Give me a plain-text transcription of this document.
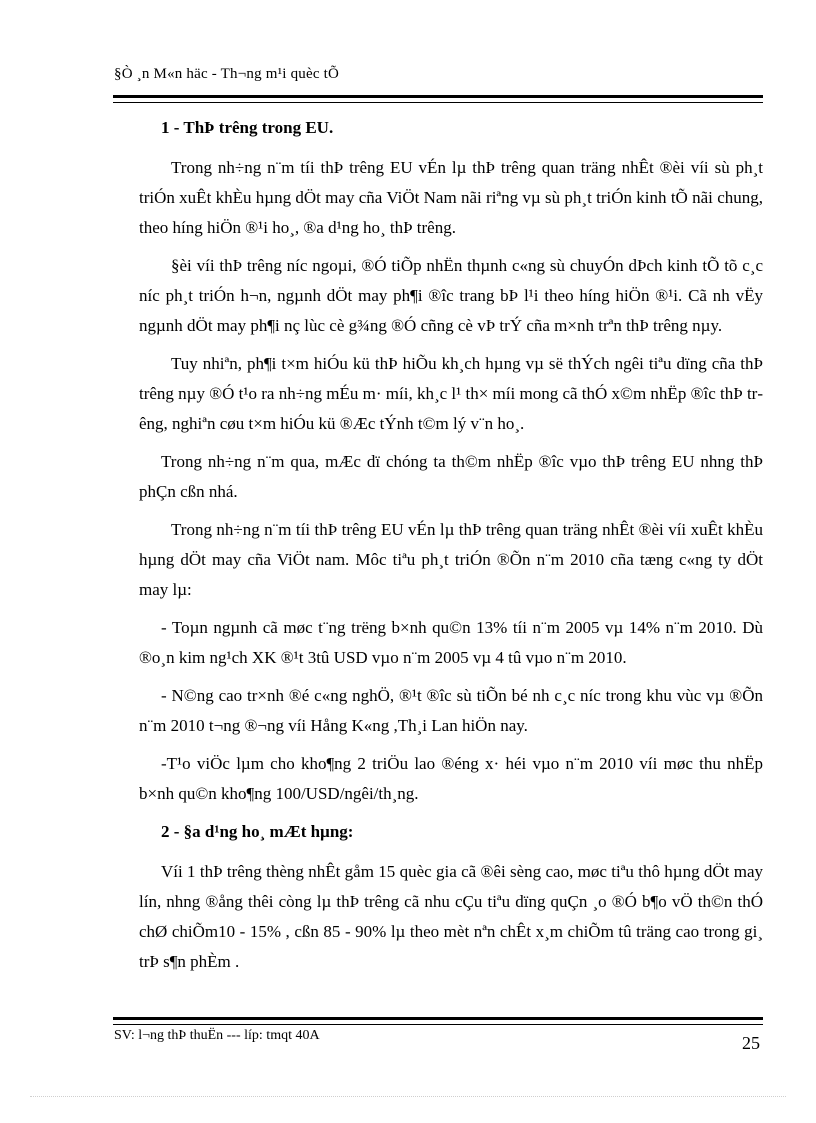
§Ò ¸n M«n häc - Th¬ng m¹i quèc tÕ

1 - ThÞ trêng trong EU.

Trong nh÷ng n¨m tíi thÞ trêng EU vÉn lµ thÞ trêng quan träng nhÊt ®èi víi sù ph¸t triÓn xuÊt khÈu hµng dÖt may cña ViÖt Nam nãi riªng vµ sù ph¸t triÓn kinh tÕ nãi chung, theo híng hiÖn ®¹i ho¸, ®a d¹ng ho¸ thÞ trêng.

§èi víi thÞ trêng níc ngoµi, ®Ó tiÕp nhËn thµnh c«ng sù chuyÓn dÞch kinh tÕ tõ c¸c níc ph¸t triÓn h¬n, ngµnh dÖt may ph¶i ®îc trang bÞ l¹i theo híng hiÖn ®¹i. Cã nh vËy ngµnh dÖt may ph¶i nç lùc cè g¾ng ®Ó cñng cè vÞ trÝ cña m×nh trªn thÞ trêng nµy.

Tuy nhiªn, ph¶i t×m hiÓu kü thÞ hiÕu kh¸ch hµng vµ së thÝch ngêi tiªu dïng cña thÞ trêng nµy ®Ó t¹o ra nh÷ng mÉu m· míi, kh¸c l¹ th× míi mong cã thÓ x©m nhËp ®îc thÞ trêng, nghiªn cøu t×m hiÓu kü ®Æc tÝnh t©m lý v¨n ho¸.

Trong nh÷ng n¨m qua, mÆc dï chóng ta th©m nhËp ®îc vµo thÞ trêng EU nhng thÞ phÇn cßn nhá.

Trong nh÷ng n¨m tíi thÞ trêng EU vÉn lµ thÞ trêng quan träng nhÊt ®èi víi xuÊt khÈu hµng dÖt may cña ViÖt nam. Môc tiªu ph¸t triÓn ®Õn n¨m 2010 cña tæng c«ng ty dÖt may lµ:

- Toµn ngµnh cã møc t¨ng trëng b×nh qu©n 13% tíi n¨m 2005 vµ 14% n¨m 2010. Dù ®o¸n kim ng¹ch XK ®¹t 3tû USD vµo n¨m 2005 vµ 4 tû vµo n¨m 2010.

- N©ng cao tr×nh ®é c«ng nghÖ, ®¹t ®îc sù tiÕn bé nh c¸c níc trong khu vùc vµ ®Õn n¨m 2010 t¬ng ®¬ng víi Hång K«ng ,Th¸i Lan hiÖn nay.

-T¹o viÖc lµm cho kho¶ng 2 triÖu lao ®éng x· héi vµo n¨m 2010 víi møc thu nhËp b×nh qu©n kho¶ng 100/USD/ngêi/th¸ng.

2 - §a d¹ng ho¸ mÆt hµng:

Víi 1 thÞ trêng thèng nhÊt gåm 15 quèc gia cã ®êi sèng cao, møc tiªu thô hµng dÖt may lín, nhng ®ång thêi còng lµ thÞ trêng cã nhu cÇu tiªu dïng quÇn ¸o ®Ó b¶o vÖ th©n thÓ chØ chiÕm10 - 15% , cßn 85 - 90% lµ theo mèt nªn chÊt x¸m chiÕm tû träng cao trong gi¸ trÞ s¶n phÈm .

SV: l¬ng thÞ thuËn --- líp: tmqt 40A	25
